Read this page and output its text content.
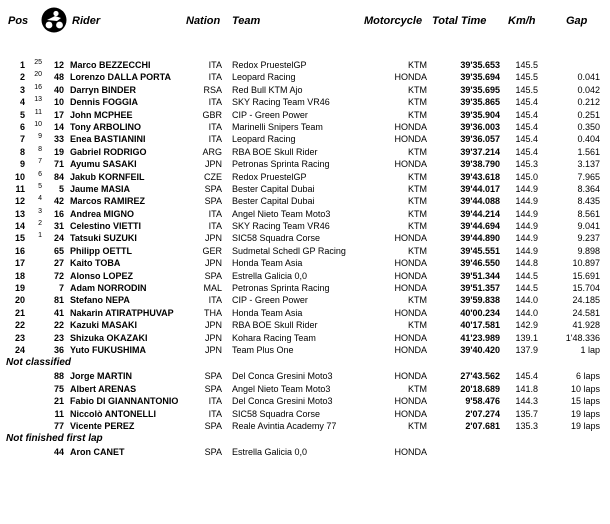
Pos	Rider	Nation Team	Motorcycle Total Time Km/h	Gap
1	25	12 Marco BEZZECCHI	ITA Redox PruestelGP	KTM	39'35.653	145.5
2	20	48 Lorenzo DALLA PORTA	ITA Leopard Racing	HONDA	39'35.694	145.5	0.041
3	16	40 Darryn BINDER	RSA Red Bull KTM Ajo	KTM	39'35.695	145.5	0.042
4	13	10 Dennis FOGGIA	ITA SKY Racing Team VR46	KTM	39'35.865	145.4	0.212
5	11	17 John MCPHEE	GBR CIP - Green Power	KTM	39'35.904	145.4	0.251
6	10	14 Tony ARBOLINO	ITA Marinelli Snipers Team	HONDA	39'36.003	145.4	0.350
7	9	33 Enea BASTIANINI	ITA Leopard Racing	HONDA	39'36.057	145.4	0.404
8	8	19 Gabriel RODRIGO	ARG RBA BOE Skull Rider	KTM	39'37.214	145.4	1.561
9	7	71 Ayumu SASAKI	JPN Petronas Sprinta Racing	HONDA	39'38.790	145.3	3.137
10	6	84 Jakub KORNFEIL	CZE Redox PruestelGP	KTM	39'43.618	145.0	7.965
11	5	5 Jaume MASIA	SPA Bester Capital Dubai	KTM	39'44.017	144.9	8.364
12	4	42 Marcos RAMIREZ	SPA Bester Capital Dubai	KTM	39'44.088	144.9	8.435
13	3	16 Andrea MIGNO	ITA Angel Nieto Team Moto3	KTM	39'44.214	144.9	8.561
14	2	31 Celestino VIETTI	ITA SKY Racing Team VR46	KTM	39'44.694	144.9	9.041
15	1	24 Tatsuki SUZUKI	JPN SIC58 Squadra Corse	HONDA	39'44.890	144.9	9.237
16	65 Philipp OETTL	GER Sudmetal Schedl GP Racing	KTM	39'45.551	144.9	9.898
17	27 Kaito TOBA	JPN Honda Team Asia	HONDA	39'46.550	144.8	10.897
18	72 Alonso LOPEZ	SPA Estrella Galicia 0,0	HONDA	39'51.344	144.5	15.691
19	7 Adam NORRODIN	MAL Petronas Sprinta Racing	HONDA	39'51.357	144.5	15.704
20	81 Stefano NEPA	ITA CIP - Green Power	KTM	39'59.838	144.0	24.185
21	41 Nakarin ATIRATPHUVAP	THA Honda Team Asia	HONDA	40'00.234	144.0	24.581
22	22 Kazuki MASAKI	JPN RBA BOE Skull Rider	KTM	40'17.581	142.9	41.928
23	23 Shizuka OKAZAKI	JPN Kohara Racing Team	HONDA	41'23.989	139.1	1'48.336
24	36 Yuto FUKUSHIMA	JPN Team Plus One	HONDA	39'40.420	137.9	1 lap
Not classified
88 Jorge MARTIN	SPA Del Conca Gresini Moto3	HONDA	27'43.562	145.4	6 laps
75 Albert ARENAS	SPA Angel Nieto Team Moto3	KTM	20'18.689	141.8	10 laps
21 Fabio DI GIANNANTONIO	ITA Del Conca Gresini Moto3	HONDA	9'58.476	144.3	15 laps
11 Niccolò ANTONELLI	ITA SIC58 Squadra Corse	HONDA	2'07.274	135.7	19 laps
77 Vicente PEREZ	SPA Reale Avintia Academy 77	KTM	2'07.681	135.3	19 laps
Not finished first lap
44 Aron CANET	SPA Estrella Galicia 0,0	HONDA
